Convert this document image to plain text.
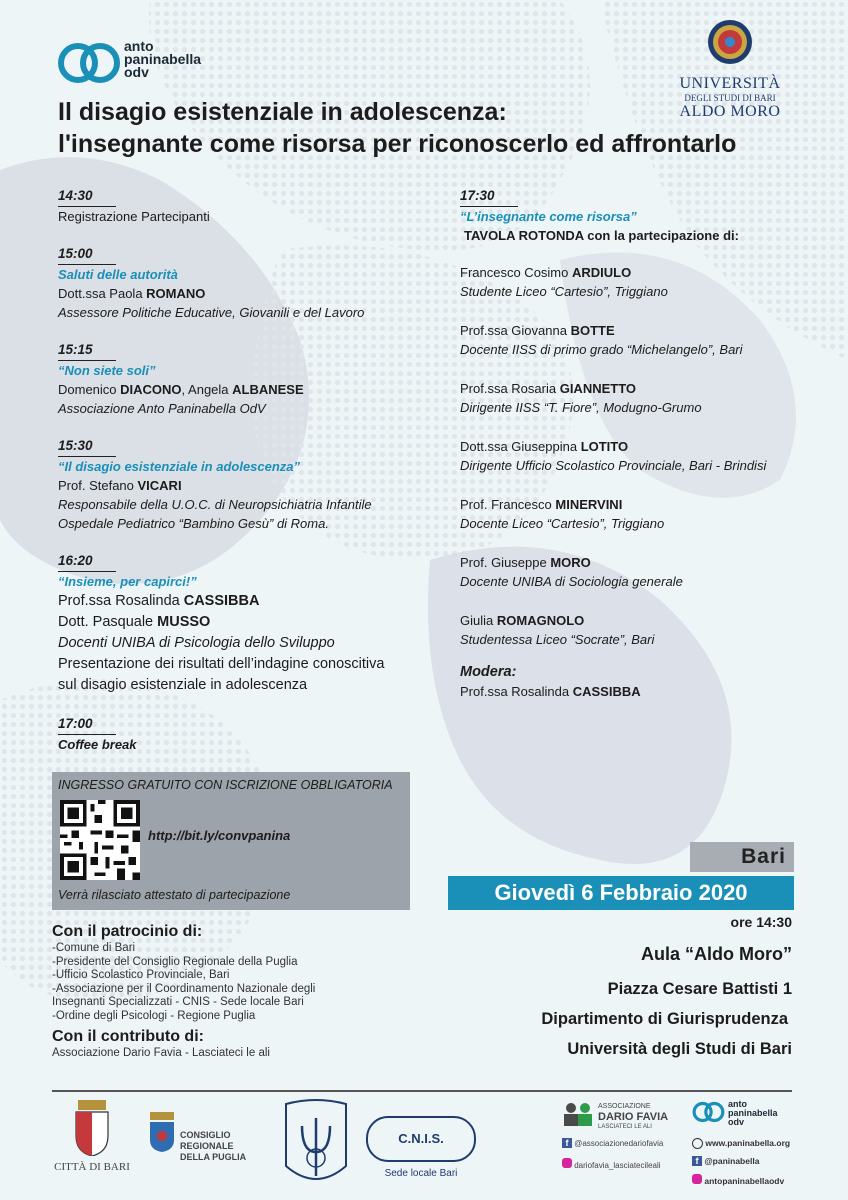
anto
paninabella
odv
UNIVERSITÀ
DEGLI STUDI DI BARI
ALDO MORO
Il disagio esistenziale in adolescenza:
l'insegnante come risorsa per riconoscerlo ed affrontarlo
14:30
Registrazione Partecipanti
15:00
Saluti delle autorità
Dott.ssa Paola ROMANO
Assessore Politiche Educative, Giovanili e del Lavoro
15:15
“Non siete soli”
Domenico DIACONO, Angela ALBANESE
Associazione Anto Paninabella OdV
15:30
“Il disagio esistenziale in adolescenza”
Prof. Stefano VICARI
Responsabile della U.O.C. di Neuropsichiatria Infantile
Ospedale Pediatrico “Bambino Gesù” di Roma.
16:20
“Insieme, per capirci!”
Prof.ssa Rosalinda CASSIBBA
Dott. Pasquale MUSSO
Docenti UNIBA di Psicologia dello Sviluppo
Presentazione dei risultati dell’indagine conoscitiva
sul disagio esistenziale in adolescenza
17:00
Coffee break
17:30
“L’insegnante come risorsa”
TAVOLA ROTONDA con la partecipazione di:
Francesco Cosimo ARDIULO
Studente Liceo “Cartesio”, Triggiano
Prof.ssa Giovanna BOTTE
Docente IISS di primo grado “Michelangelo”, Bari
Prof.ssa Rosaria GIANNETTO
Dirigente IISS “T. Fiore”, Modugno-Grumo
Dott.ssa Giuseppina LOTITO
Dirigente Ufficio Scolastico Provinciale, Bari - Brindisi
Prof. Francesco MINERVINI
Docente Liceo “Cartesio”, Triggiano
Prof. Giuseppe MORO
Docente UNIBA di Sociologia generale
Giulia ROMAGNOLO
Studentessa Liceo “Socrate”, Bari
Modera:
Prof.ssa Rosalinda CASSIBBA
INGRESSO GRATUITO CON ISCRIZIONE OBBLIGATORIA
http://bit.ly/convpanina
Verrà rilasciato attestato di partecipazione
Con il patrocinio di:
-Comune di Bari
-Presidente del Consiglio Regionale della Puglia
-Ufficio Scolastico Provinciale, Bari
-Associazione per il Coordinamento Nazionale degli
Insegnanti Specializzati - CNIS - Sede locale Bari
-Ordine degli Psicologi - Regione Puglia
Con il contributo di:
Associazione Dario Favia - Lasciateci le ali
Bari
Giovedì 6 Febbraio 2020
ore 14:30
Aula “Aldo Moro”
Piazza Cesare Battisti 1
Dipartimento di Giurisprudenza
Università degli Studi di Bari
CITTÀ DI BARI
CONSIGLIO REGIONALE
DELLA PUGLIA
C.N.I.S.
Sede locale Bari
ASSOCIAZIONE
DARIO FAVIA
LASCIATECI LE ALI
f @associazionedariofavia
dariofavia_lasciatecileali
anto
paninabella
odv
www.paninabella.org
f @paninabella
antopaninabellaodv
